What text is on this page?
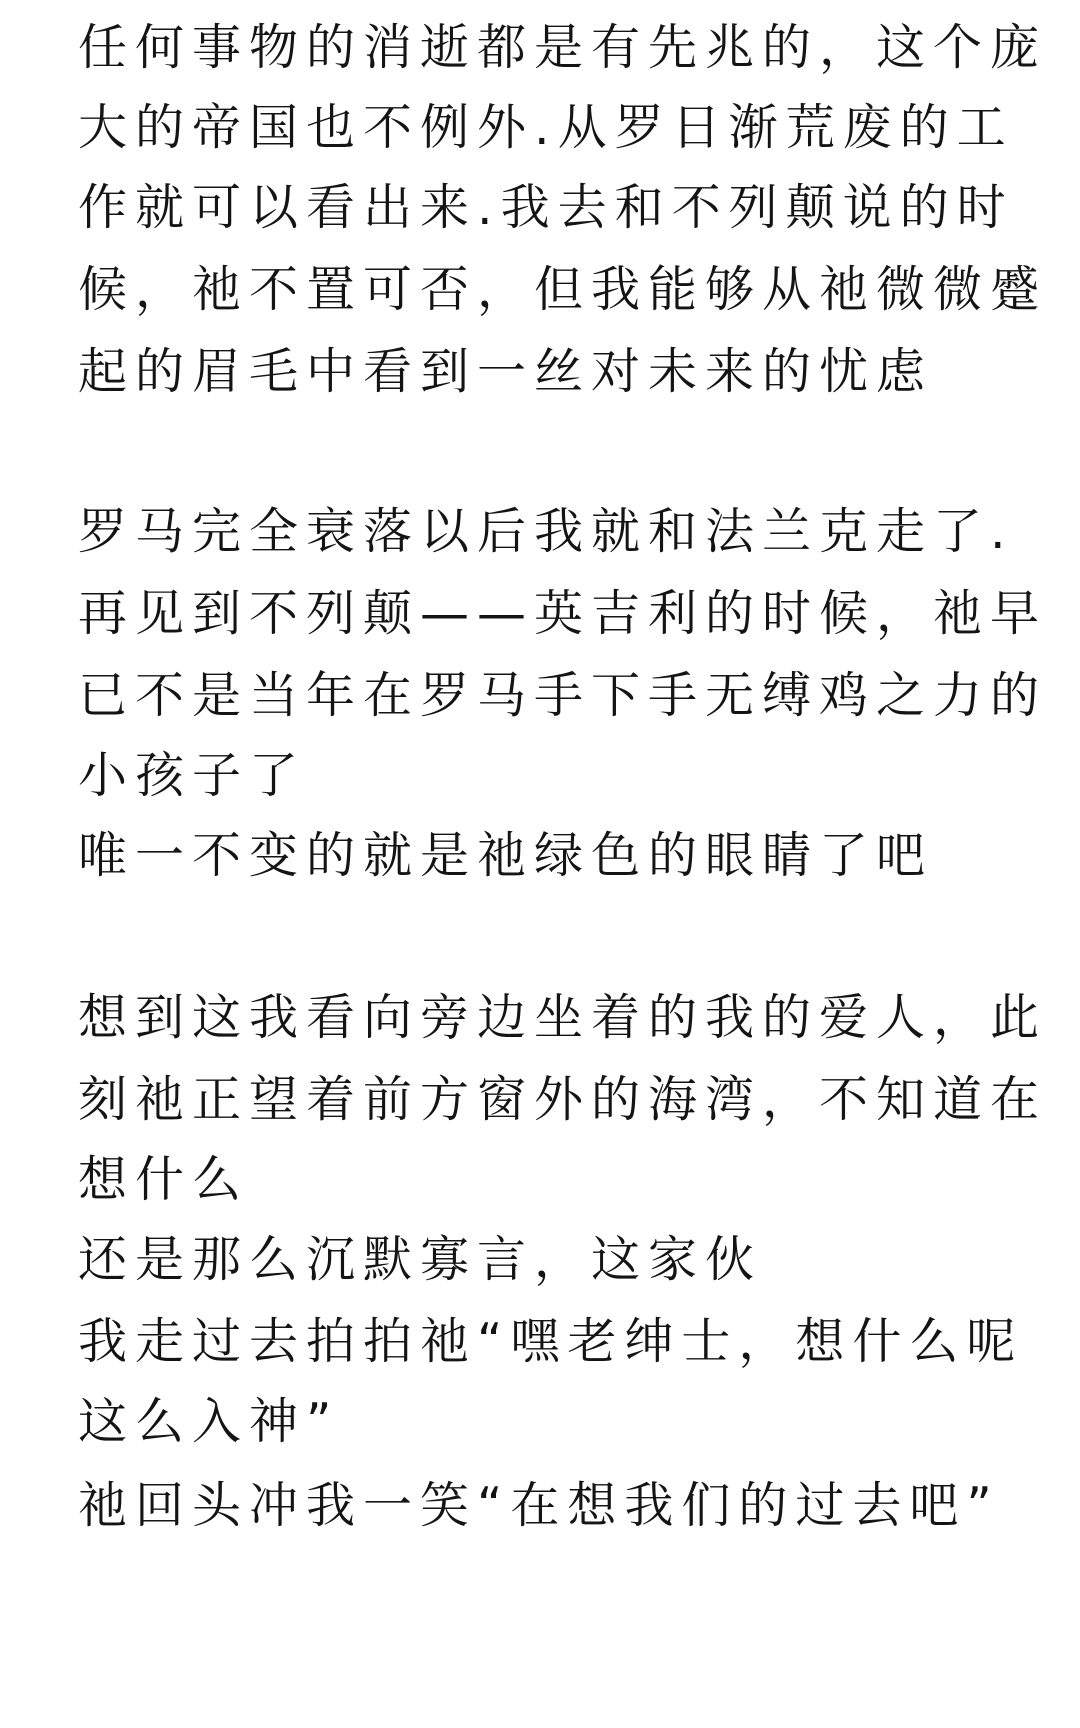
任何事物的消逝都是有先兆的，这个庞

大的帝国也不例外.从罗日渐荒废的工

作就可以看出来.我去和不列颠说的时

候，祂不置可否，但我能够从祂微微蹙

起的眉毛中看到一丝对未来的忧虑

罗马完全衰落以后我就和法兰克走了.

再见到不列颠——英吉利的时候，祂早

已不是当年在罗马手下手无缚鸡之力的

小孩子了

唯一不变的就是祂绿色的眼睛了吧

想到这我看向旁边坐着的我的爱人，此

刻祂正望着前方窗外的海湾，不知道在

想什么

还是那么沉默寡言，这家伙

我走过去拍拍祂“嘿老绅士，想什么呢

这么入神”

祂回头冲我一笑“在想我们的过去吧”
